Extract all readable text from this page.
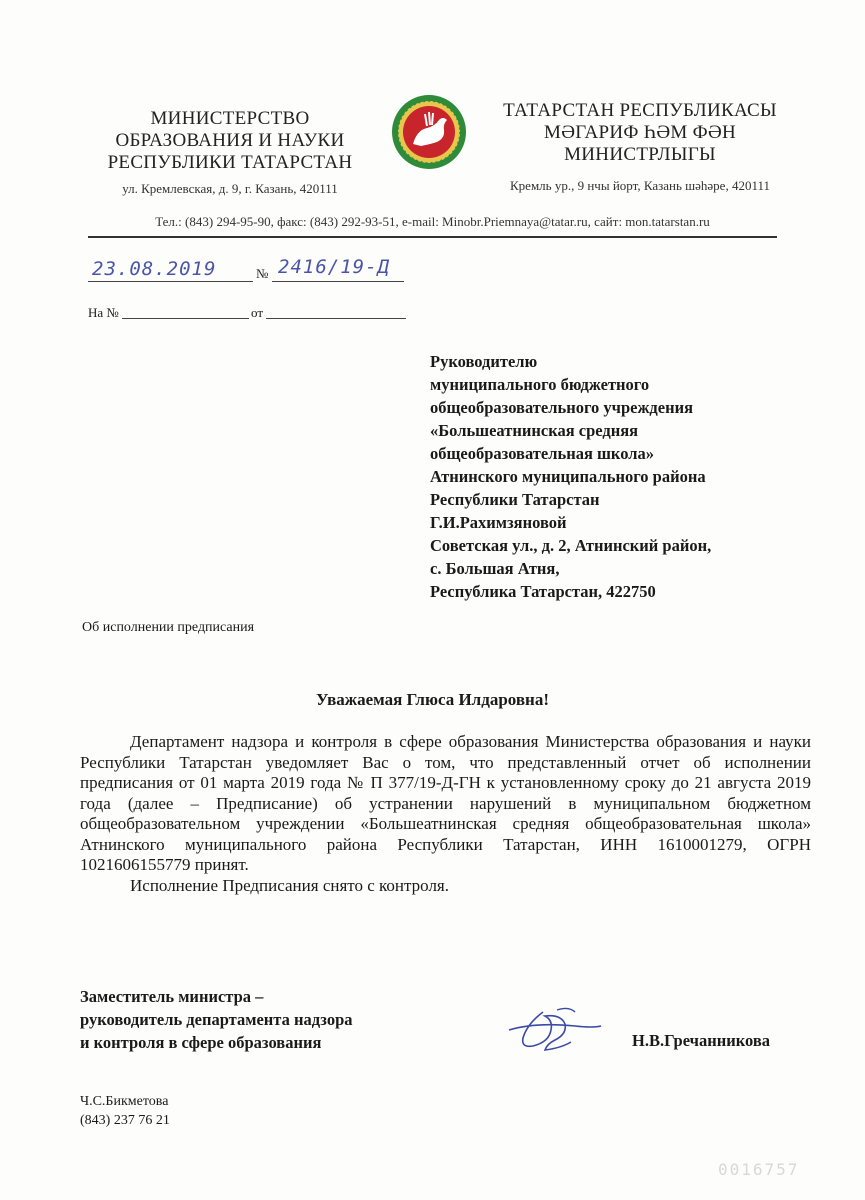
МИНИСТЕРСТВО
ОБРАЗОВАНИЯ И НАУКИ
РЕСПУБЛИКИ ТАТАРСТАН
ул. Кремлевская, д. 9, г. Казань, 420111
ТАТАРСТАН РЕСПУБЛИКАСЫ
МӘГАРИФ ҺӘМ ФӘН
МИНИСТРЛЫГЫ
Кремль ур., 9 нчы йорт, Казань шәһәре, 420111
Тел.: (843) 294-95-90, факс: (843) 292-93-51, e-mail: Minobr.Priemnaya@tatar.ru, сайт: mon.tatarstan.ru
23.08.2019	№ 2416/19-Д
На №	от
Руководителю
муниципального бюджетного
общеобразовательного учреждения
«Большеатнинская средняя
общеобразовательная школа»
Атнинского муниципального района
Республики Татарстан
Г.И.Рахимзяновой
Советская ул., д. 2, Атнинский район,
с. Большая Атня,
Республика Татарстан, 422750
Об исполнении предписания
Уважаемая Глюса Илдаровна!

Департамент надзора и контроля в сфере образования Министерства образования и науки Республики Татарстан уведомляет Вас о том, что представленный отчет об исполнении предписания от 01 марта 2019 года № П 377/19-Д-ГН к установленному сроку до 21 августа 2019 года (далее – Предписание) об устранении нарушений в муниципальном бюджетном общеобразовательном учреждении «Большеатнинская средняя общеобразовательная школа» Атнинского муниципального района Республики Татарстан, ИНН 1610001279, ОГРН 1021606155779 принят.

Исполнение Предписания снято с контроля.

Заместитель министра –
руководитель департамента надзора
и контроля в сфере образования	Н.В.Гречанникова
Ч.С.Бикметова
(843) 237 76 21
0016757
